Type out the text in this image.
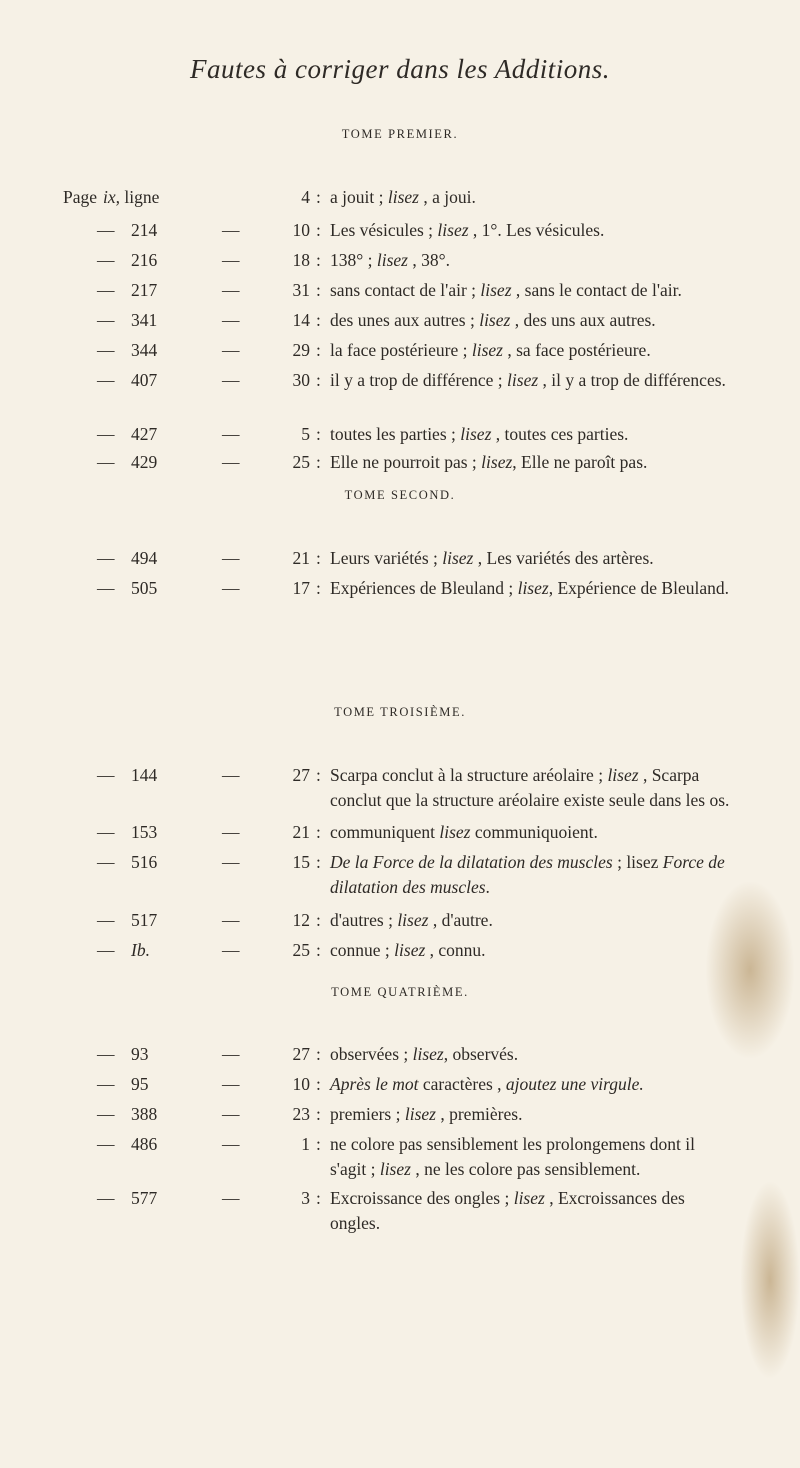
Fautes à corriger dans les Additions.
TOME PREMIER.
TOME SECOND.
TOME TROISIÈME.
TOME QUATRIÈME.
Page ix, ligne	4 : a jouit ; lisez , a joui.
— 214	—	10 : Les vésicules ; lisez , 1°. Les vésicules.
— 216	—	18 : 138° ; lisez , 38°.
— 217	—	31 : sans contact de l'air ; lisez , sans le contact de l'air.
— 341	—	14 : des unes aux autres ; lisez , des uns aux autres.
— 344	—	29 : la face postérieure ; lisez , sa face postérieure.
— 407	—	30 : il y a trop de différence ; lisez , il y a trop de différences.
— 427	—	5 : toutes les parties ; lisez , toutes ces parties.
— 429	—	25 : Elle ne pourroit pas ; lisez, Elle ne paroît pas.
— 494	—	21 : Leurs variétés ; lisez , Les variétés des artères.
— 505	—	17 : Expériences de Bleuland ; lisez, Expérience de Bleuland.
— 144	—	27 : Scarpa conclut à la structure aréolaire ; lisez , Scarpa conclut que la structure aréolaire existe seule dans les os.
— 153	—	21 : communiquent lisez communiquoient.
— 516	—	15 : De la Force de la dilatation des muscles ; lisez Force de dilatation des muscles.
— 517	—	12 : d'autres ; lisez , d'autre.
— Ib.	—	25 : connue ; lisez , connu.
— 93	—	27 : observées ; lisez, observés.
— 95	—	10 : Après le mot caractères , ajoutez une virgule.
— 388	—	23 : premiers ; lisez , premières.
— 486	—	1 : ne colore pas sensiblement les prolongemens dont il s'agit ; lisez , ne les colore pas sensiblement.
— 577	—	3 : Excroissance des ongles ; lisez , Excroissances des ongles.
